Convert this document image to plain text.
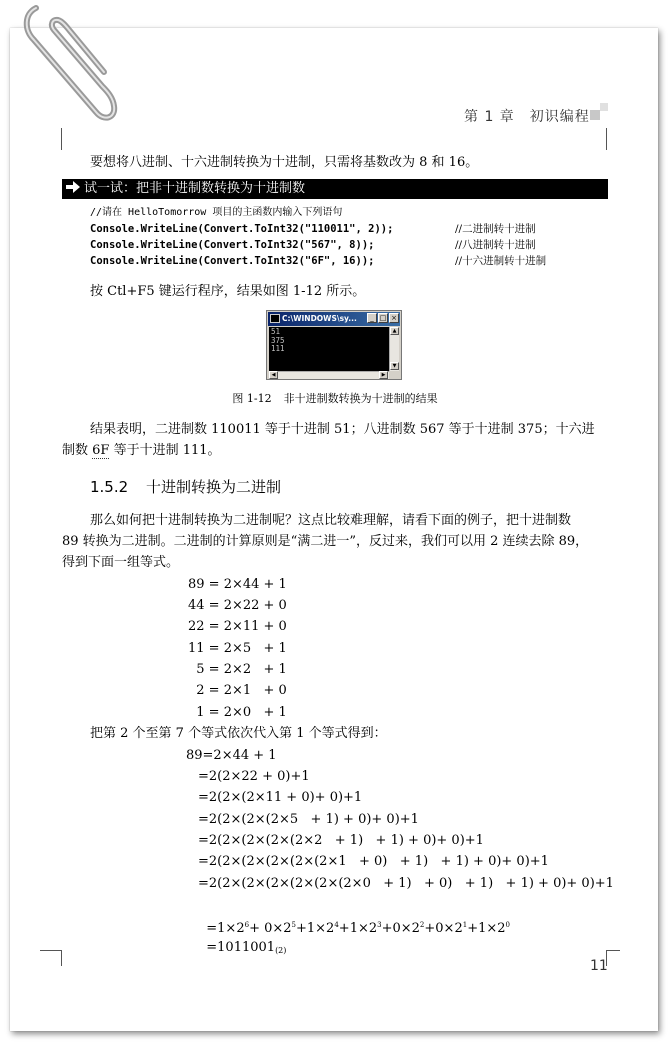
第 1 章　初识编程
要想将八进制、十六进制转换为十进制，只需将基数改为 8 和 16。
试一试：把非十进制数转换为十进制数
//请在 HelloTomorrow 项目的主函数内输入下列语句
Console.WriteLine(Convert.ToInt32("110011", 2));	//二进制转十进制
Console.WriteLine(Convert.ToInt32("567", 8));	//八进制转十进制
Console.WriteLine(Convert.ToInt32("6F", 16));	//十六进制转十进制
按 Ctl+F5 键运行程序，结果如图 1-12 所示。
C:\WINDOWS\sy...	_ □ ×
51
375
111
▲
▼
◀	▶
图 1-12 非十进制数转换为十进制的结果
结果表明，二进制数 110011 等于十进制 51；八进制数 567 等于十进制 375；十六进
制数 6F 等于十进制 111。
1.5.2 十进制转换为二进制
那么如何把十进制转换为二进制呢？这点比较难理解，请看下面的例子，把十进制数
89 转换为二进制。二进制的计算原则是“满二进一”，反过来，我们可以用 2 连续去除 89，
得到下面一组等式。
89 = 2×44 + 1
44 = 2×22 + 0
22 = 2×11 + 0
11 = 2×5   + 1
5 = 2×2   + 1
2 = 2×1   + 0
1 = 2×0   + 1
把第 2 个至第 7 个等式依次代入第 1 个等式得到：
89=2×44 + 1
=2(2×22 + 0)+1
=2(2×(2×11 + 0)+ 0)+1
=2(2×(2×(2×5   + 1) + 0)+ 0)+1
=2(2×(2×(2×(2×2   + 1)   + 1) + 0)+ 0)+1
=2(2×(2×(2×(2×(2×1   + 0)   + 1)   + 1) + 0)+ 0)+1
=2(2×(2×(2×(2×(2×(2×0   + 1)   + 0)   + 1)   + 1) + 0)+ 0)+1

$=1\times 2^6+ 0\times 2^5+1\times 2^4+1\times 2^3+0\times 2^2+0\times 2^1+1\times 2^0$

$=1011001_{(2)}$

11
